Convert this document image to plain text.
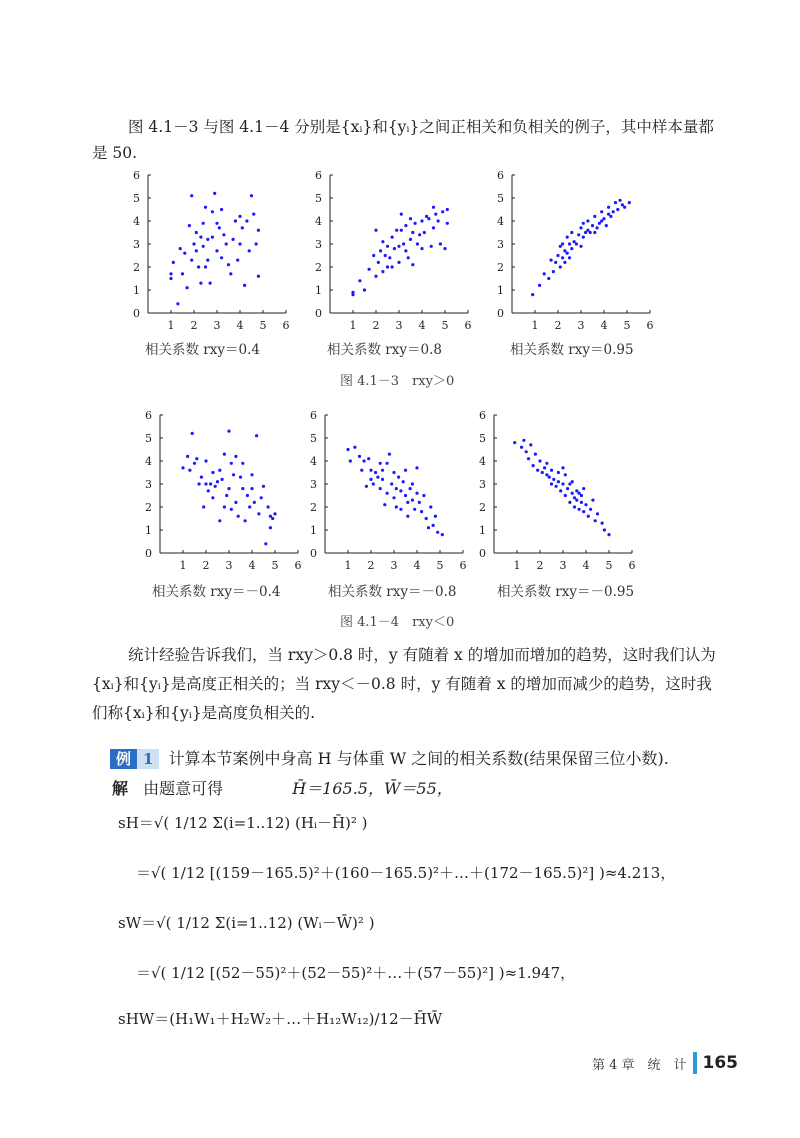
图 4.1－3 与图 4.1－4 分别是{xᵢ}和{yᵢ}之间正相关和负相关的例子，其中样本量都是 50.
0
1
1
2
2
3
3
4
4
5
5
6
6
0
1
1
2
2
3
3
4
4
5
5
6
6
0
1
1
2
2
3
3
4
4
5
5
6
6
相关系数 rxy＝0.4	相关系数 rxy＝0.8	相关系数 rxy＝0.95
图 4.1－3　rxy＞0
0
1
1
2
2
3
3
4
4
5
5
6
6
0
1
1
2
2
3
3
4
4
5
5
6
6
0
1
1
2
2
3
3
4
4
5
5
6
6
相关系数 rxy＝－0.4	相关系数 rxy＝－0.8	相关系数 rxy＝－0.95
图 4.1－4　rxy＜0
统计经验告诉我们，当 rxy＞0.8 时，y 有随着 x 的增加而增加的趋势，这时我们认为{xᵢ}和{yᵢ}是高度正相关的；当 rxy＜－0.8 时，y 有随着 x 的增加而减少的趋势，这时我们称{xᵢ}和{yᵢ}是高度负相关的.
例 1 计算本节案例中身高 H 与体重 W 之间的相关系数(结果保留三位小数).
解 由题意可得	H̄＝165.5，W̄＝55，
sH＝√( 1/12 Σ(i=1..12) (Hᵢ－H̄)² )
＝√( 1/12 [(159－165.5)²＋(160－165.5)²＋…＋(172－165.5)²] )≈4.213，
sW＝√( 1/12 Σ(i=1..12) (Wᵢ－W̄)² )
＝√( 1/12 [(52－55)²＋(52－55)²＋…＋(57－55)²] )≈1.947，
sHW＝(H₁W₁＋H₂W₂＋…＋H₁₂W₁₂)/12－H̄W̄
第 4 章　统　计 165
